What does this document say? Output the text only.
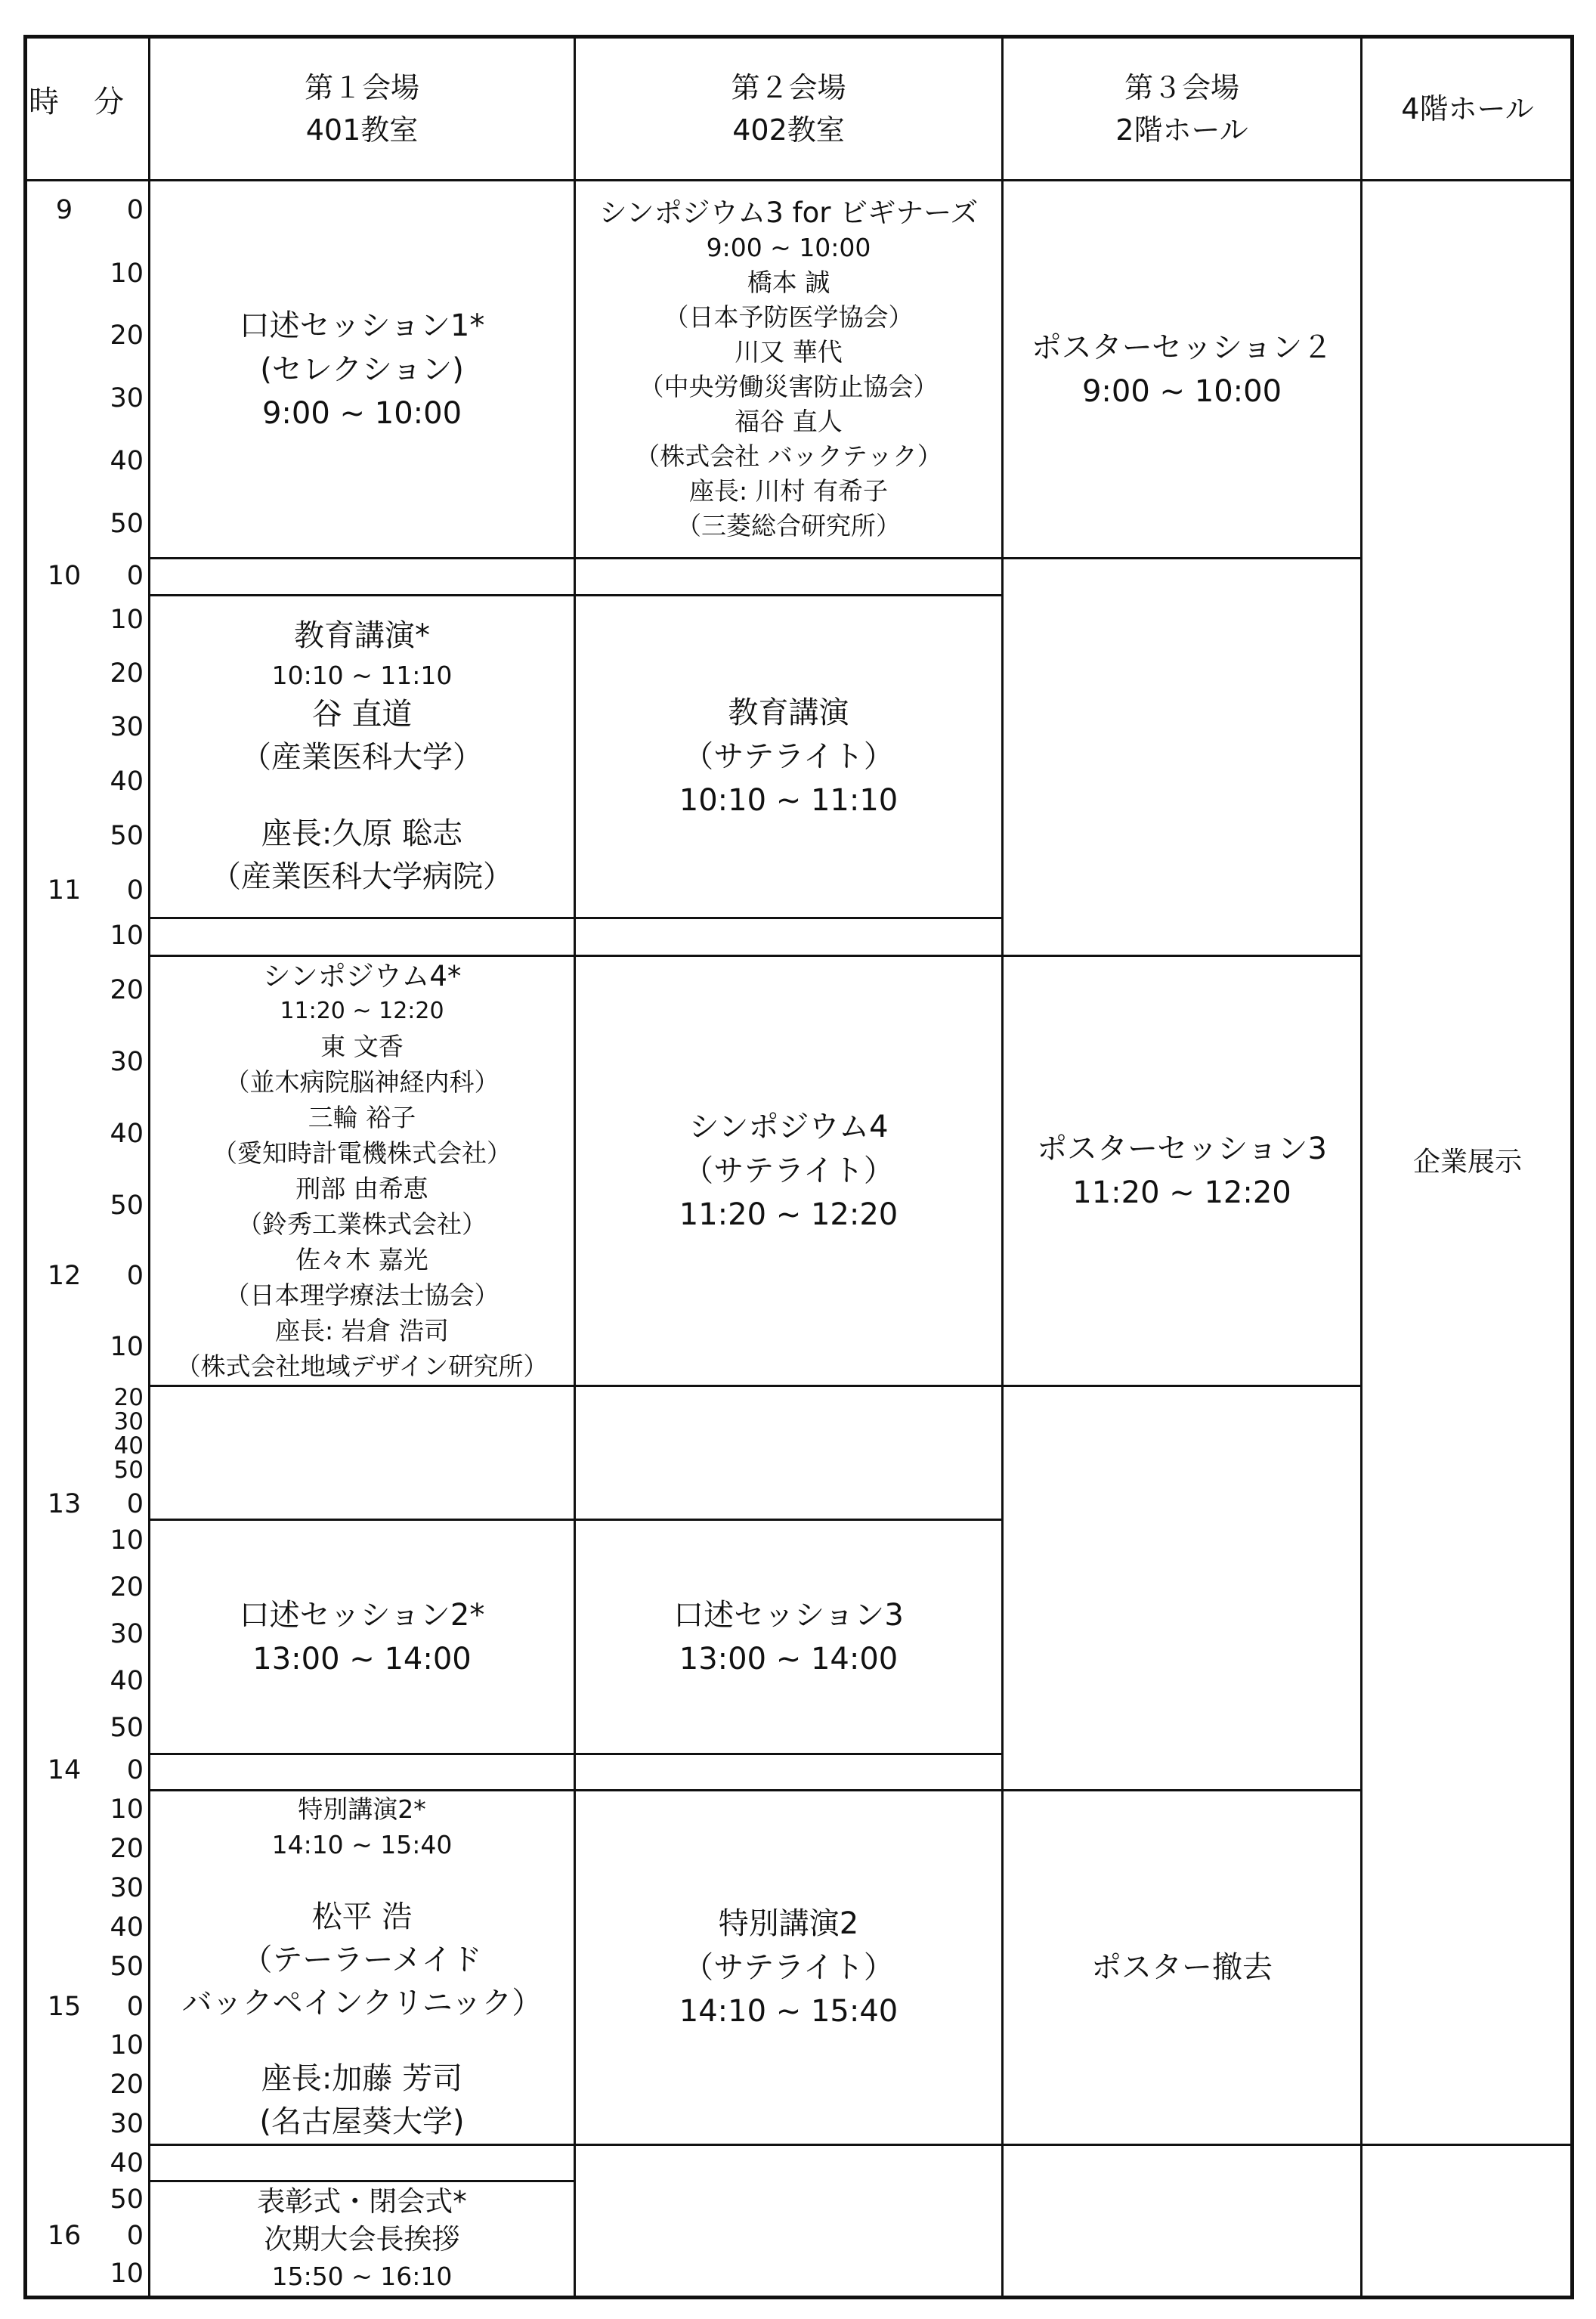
時 分	第１会場
401教室
第２会場
402教室
第３会場
2階ホール
4階ホール
9
10
11
12
13
14
15
16
0
10
20
30
40
50
0
10
20
30
40
50
0
10
20
30
40
50
0
10
20
30
40
50
0
10
20
30
40
50
0
10
20
30
40
50
0
10
20
30
40
50
0
10
口述セッション1*
(セレクション)
9:00 ~ 10:00
教育講演*
10:10 ~ 11:10
谷 直道
（産業医科大学）
座長:久原 聡志
（産業医科大学病院）
シンポジウム4*
11:20 ~ 12:20
東 文香
（並木病院脳神経内科）
三輪 裕子
（愛知時計電機株式会社）
刑部 由希恵
（鈴秀工業株式会社）
佐々木 嘉光
（日本理学療法士協会）
座長: 岩倉 浩司
（株式会社地域デザイン研究所）
口述セッション2*
13:00 ~ 14:00
特別講演2*
14:10 ~ 15:40
松平 浩
（テーラーメイド
バックペインクリニック）
座長:加藤 芳司
(名古屋葵大学)
表彰式・閉会式*
次期大会長挨拶
15:50 ~ 16:10
シンポジウム3 for ビギナーズ
9:00 ~ 10:00
橋本 誠
（日本予防医学協会）
川又 華代
（中央労働災害防止協会）
福谷 直人
（株式会社 バックテック）
座長: 川村 有希子
（三菱総合研究所）
教育講演
（サテライト）
10:10 ~ 11:10
シンポジウム4
（サテライト）
11:20 ~ 12:20
口述セッション3
13:00 ~ 14:00
特別講演2
（サテライト）
14:10 ~ 15:40
ポスターセッション２
9:00 ~ 10:00
ポスターセッション3
11:20 ~ 12:20
ポスター撤去
企業展示
